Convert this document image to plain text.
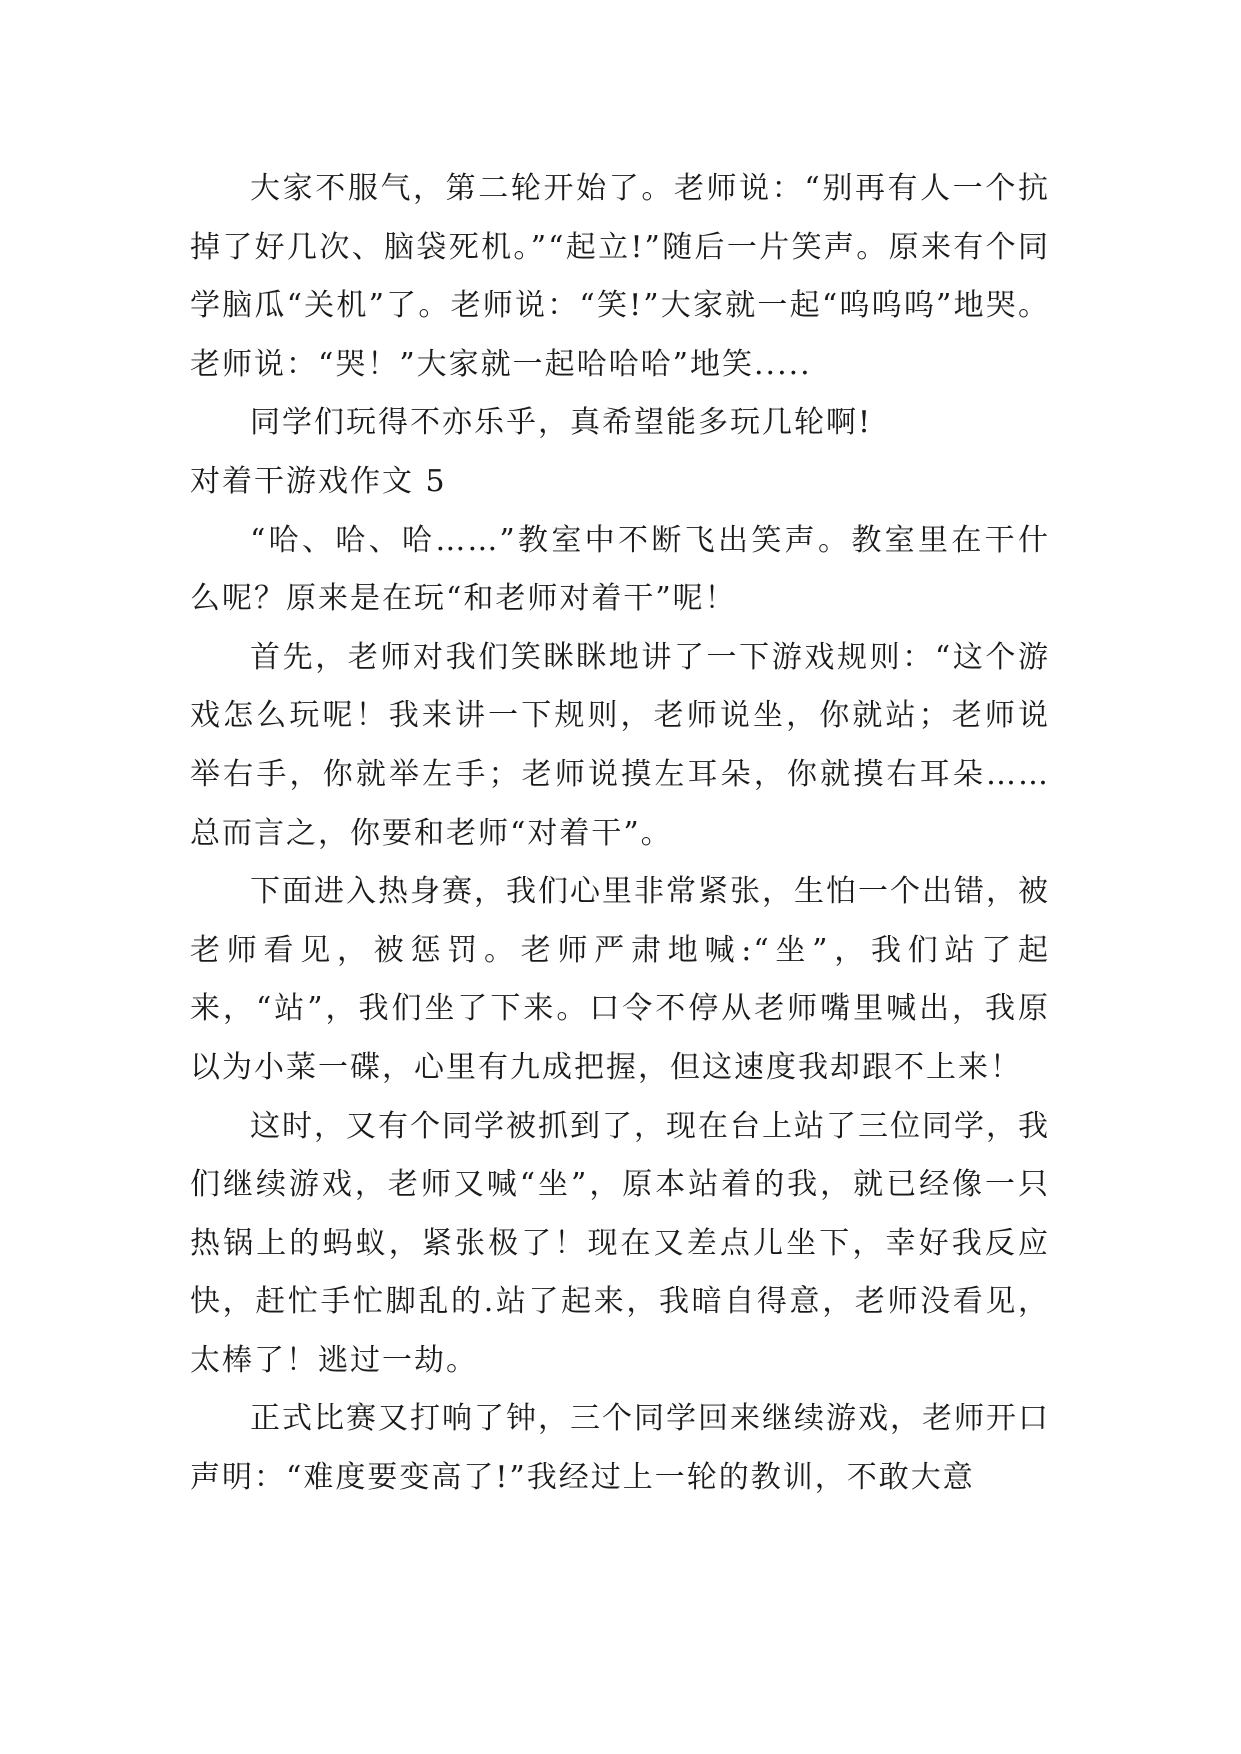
大家不服气，第二轮开始了。老师说：“别再有人一个抗掉了好几次、脑袋死机。”“起立!”随后一片笑声。原来有个同学脑瓜“关机”了。老师说：“笑!”大家就一起“呜呜呜”地哭。老师说：“哭！”大家就一起哈哈哈”地笑.....

同学们玩得不亦乐乎，真希望能多玩几轮啊!

对着干游戏作文 5

“哈、哈、哈……”教室中不断飞出笑声。教室里在干什么呢？原来是在玩“和老师对着干”呢！

首先，老师对我们笑眯眯地讲了一下游戏规则：“这个游戏怎么玩呢！我来讲一下规则，老师说坐，你就站；老师说举右手，你就举左手；老师说摸左耳朵，你就摸右耳朵……总而言之，你要和老师“对着干”。

下面进入热身赛，我们心里非常紧张，生怕一个出错，被老师看见，被惩罚。老师严肃地喊:“坐”，我们站了起来，“站”，我们坐了下来。口令不停从老师嘴里喊出，我原以为小菜一碟，心里有九成把握，但这速度我却跟不上来！

这时，又有个同学被抓到了，现在台上站了三位同学，我们继续游戏，老师又喊“坐”，原本站着的我，就已经像一只热锅上的蚂蚁，紧张极了！现在又差点儿坐下，幸好我反应快，赶忙手忙脚乱的.站了起来，我暗自得意，老师没看见，太棒了！逃过一劫。

正式比赛又打响了钟，三个同学回来继续游戏，老师开口声明：“难度要变高了!”我经过上一轮的教训，不敢大意
